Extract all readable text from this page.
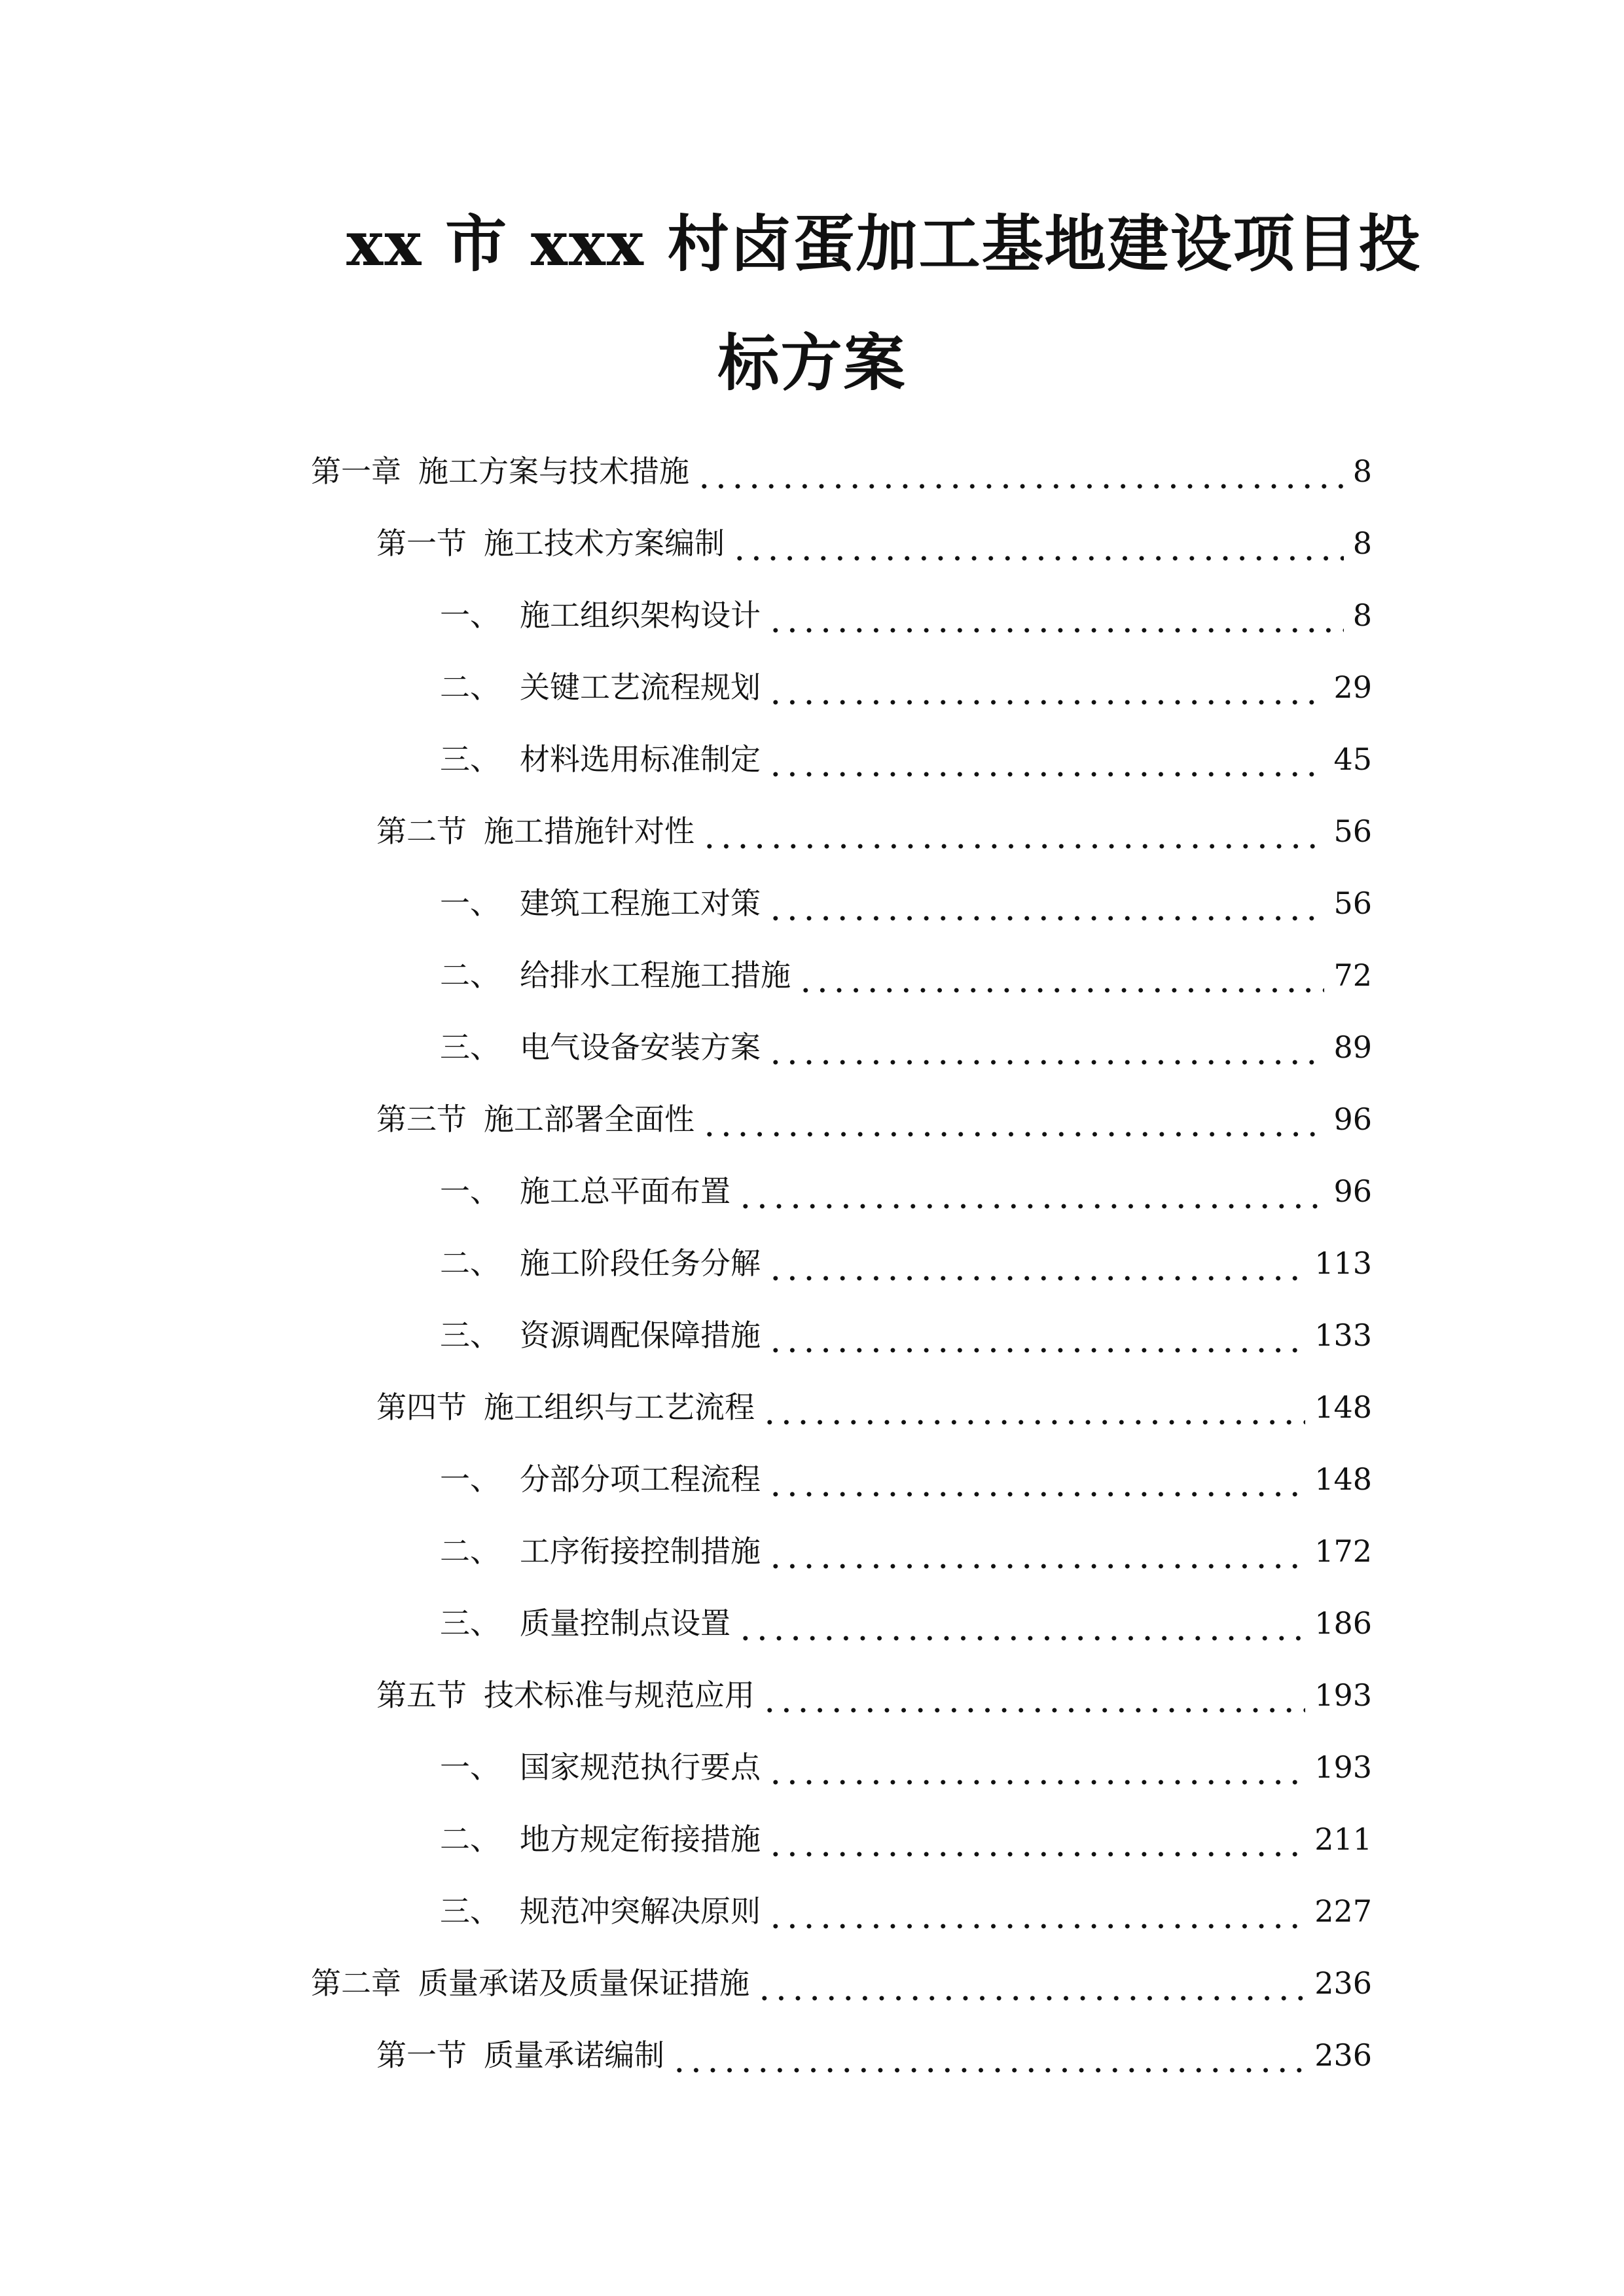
xx 市 xxx 村卤蛋加工基地建设项目投
标方案
第一章 施工方案与技术措施	8
第一节 施工技术方案编制	8
一、 施工组织架构设计	8
二、 关键工艺流程规划	29
三、 材料选用标准制定	45
第二节 施工措施针对性	56
一、 建筑工程施工对策	56
二、 给排水工程施工措施	72
三、 电气设备安装方案	89
第三节 施工部署全面性	96
一、 施工总平面布置	96
二、 施工阶段任务分解	113
三、 资源调配保障措施	133
第四节 施工组织与工艺流程	148
一、 分部分项工程流程	148
二、 工序衔接控制措施	172
三、 质量控制点设置	186
第五节 技术标准与规范应用	193
一、 国家规范执行要点	193
二、 地方规定衔接措施	211
三、 规范冲突解决原则	227
第二章 质量承诺及质量保证措施	236
第一节 质量承诺编制	236
